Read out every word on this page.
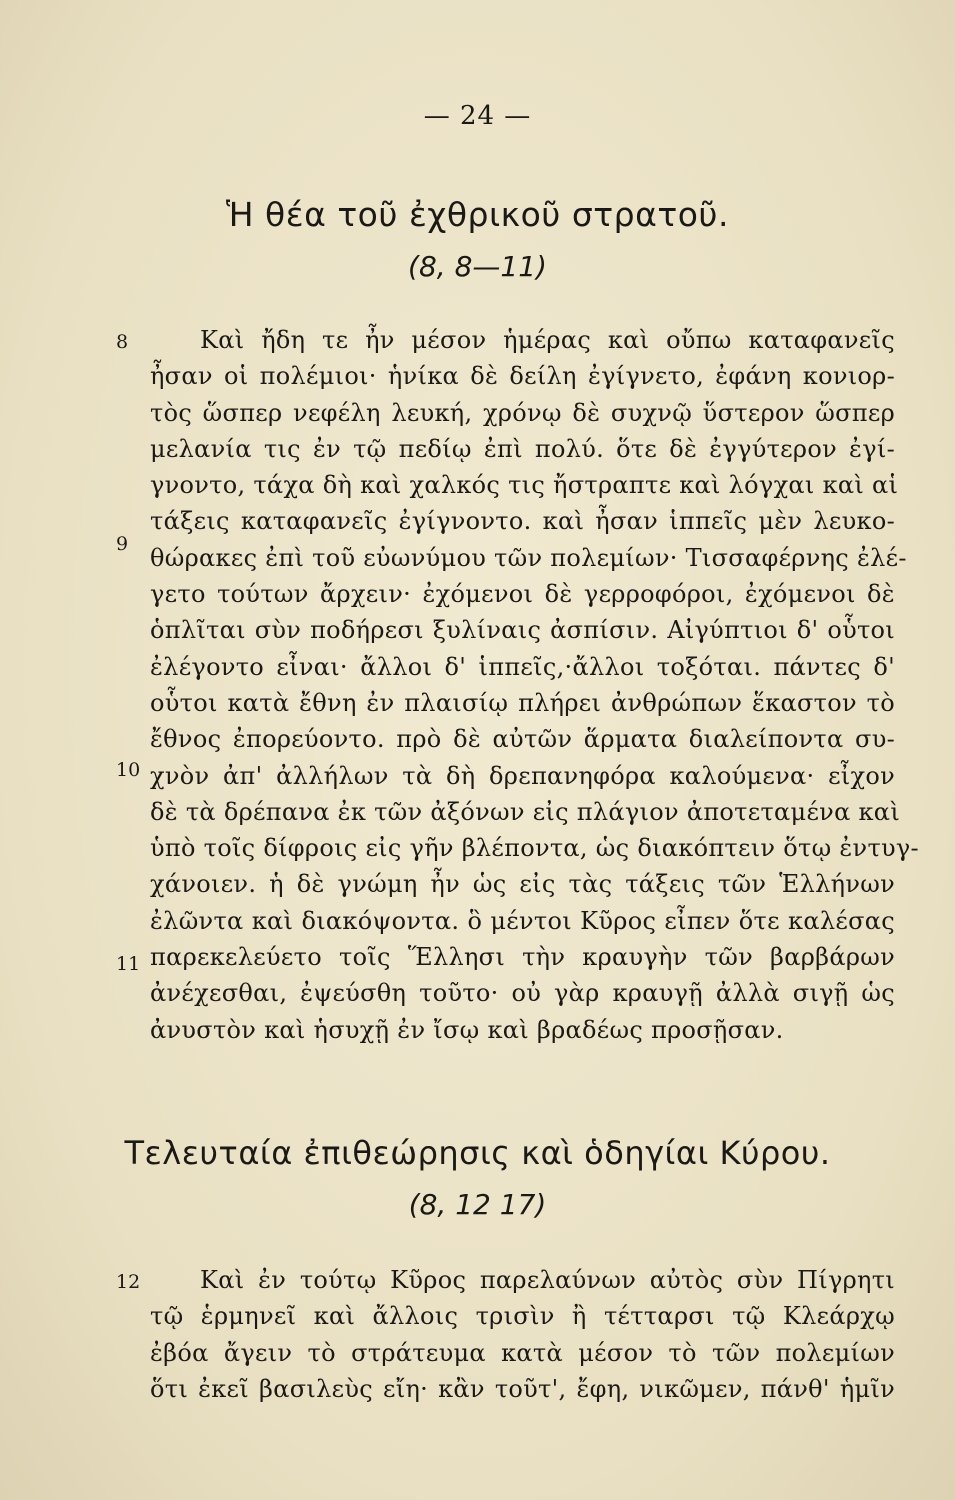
— 24 —
Ἡ θέα τοῦ ἐχθρικοῦ στρατοῦ.
(8, 8—11)
8
9
10
11
Καὶ ἤδη τε ἦν μέσον ἡμέρας καὶ οὔπω καταφανεῖς
ἦσαν οἱ πολέμιοι· ἡνίκα δὲ δείλη ἐγίγνετο, ἐφάνη κονιορ-
τὸς ὥσπερ νεφέλη λευκή, χρόνῳ δὲ συχνῷ ὕστερον ὥσπερ
μελανία τις ἐν τῷ πεδίῳ ἐπὶ πολύ. ὅτε δὲ ἐγγύτερον ἐγί-
γνοντο, τάχα δὴ καὶ χαλκός τις ἤστραπτε καὶ λόγχαι καὶ αἱ
τάξεις καταφανεῖς ἐγίγνοντο. καὶ ἦσαν ἱππεῖς μὲν λευκο-
θώρακες ἐπὶ τοῦ εὐωνύμου τῶν πολεμίων· Τισσαφέρνης ἐλέ-
γετο τούτων ἄρχειν· ἐχόμενοι δὲ γερροφόροι, ἐχόμενοι δὲ
ὁπλῖται σὺν ποδήρεσι ξυλίναις ἀσπίσιν. Αἰγύπτιοι δ' οὗτοι
ἐλέγοντο εἶναι· ἄλλοι δ' ἱππεῖς,·ἄλλοι τοξόται. πάντες δ'
οὗτοι κατὰ ἔθνη ἐν πλαισίῳ πλήρει ἀνθρώπων ἕκαστον τὸ
ἔθνος ἐπορεύοντο. πρὸ δὲ αὐτῶν ἅρματα διαλείποντα συ-
χνὸν ἀπ' ἀλλήλων τὰ δὴ δρεπανηφόρα καλούμενα· εἶχον
δὲ τὰ δρέπανα ἐκ τῶν ἀξόνων εἰς πλάγιον ἀποτεταμένα καὶ
ὑπὸ τοῖς δίφροις εἰς γῆν βλέποντα, ὡς διακόπτειν ὅτῳ ἐντυγ-
χάνοιεν. ἡ δὲ γνώμη ἦν ὡς εἰς τὰς τάξεις τῶν Ἑλλήνων
ἐλῶντα καὶ διακόψοντα. ὃ μέντοι Κῦρος εἶπεν ὅτε καλέσας
παρεκελεύετο τοῖς Ἕλλησι τὴν κραυγὴν τῶν βαρβάρων
ἀνέχεσθαι, ἐψεύσθη τοῦτο· οὐ γὰρ κραυγῇ ἀλλὰ σιγῇ ὡς
ἀνυστὸν καὶ ἡσυχῇ ἐν ἴσῳ καὶ βραδέως προσῇσαν.
Τελευταία ἐπιθεώρησις καὶ ὁδηγίαι Κύρου.
(8, 12 17)
12	Καὶ ἐν τούτῳ Κῦρος παρελαύνων αὐτὸς σὺν Πίγρητι
τῷ ἑρμηνεῖ καὶ ἄλλοις τρισὶν ἢ τέτταρσι τῷ Κλεάρχῳ
ἐβόα ἄγειν τὸ στράτευμα κατὰ μέσον τὸ τῶν πολεμίων
ὅτι ἐκεῖ βασιλεὺς εἴη· κἂν τοῦτ', ἔφη, νικῶμεν, πάνθ' ἡμῖν
